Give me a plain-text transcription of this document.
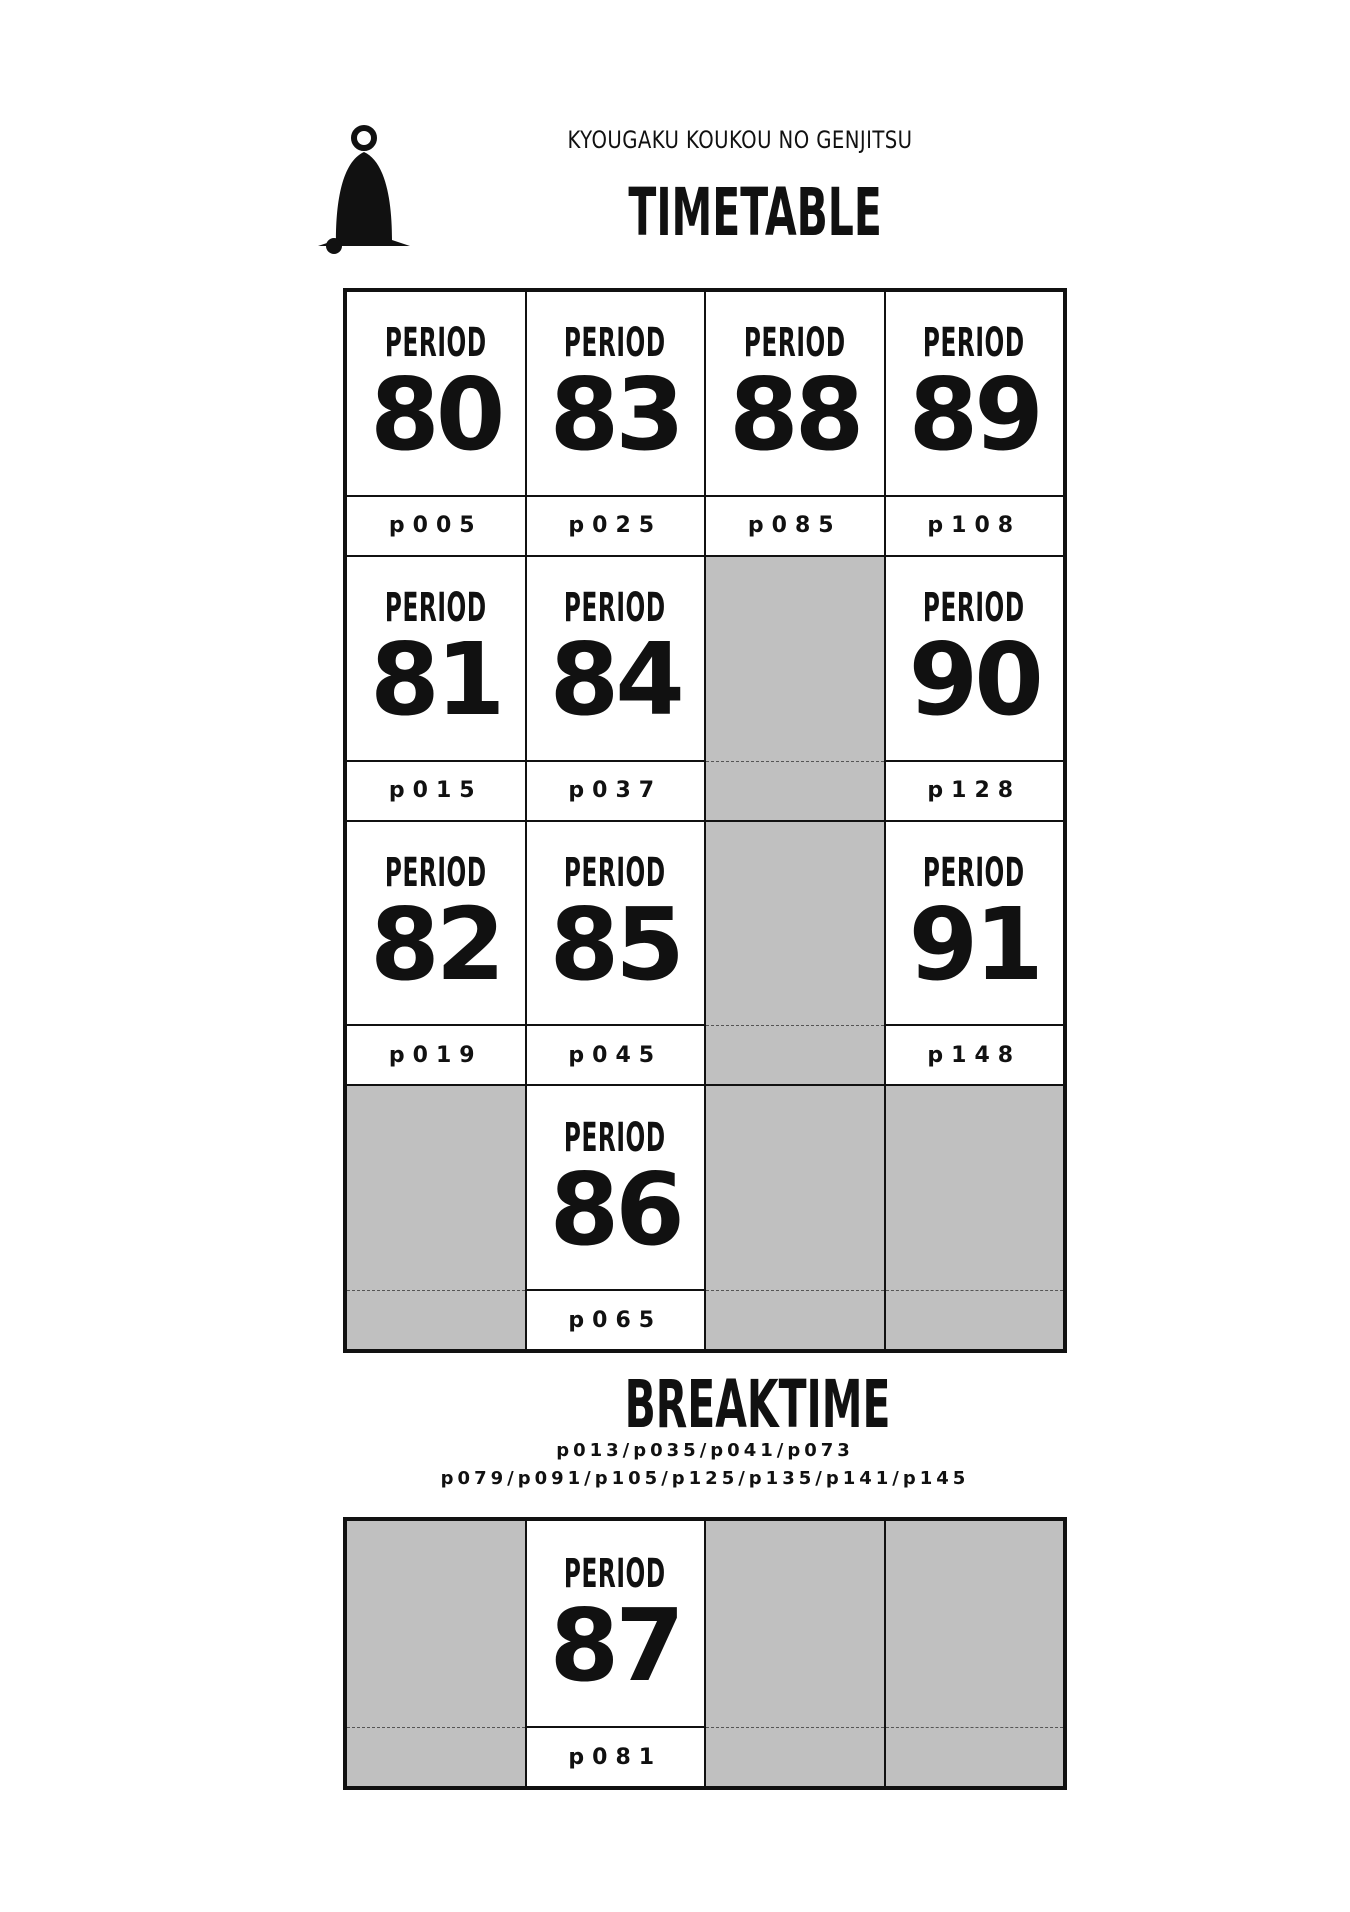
KYOUGAKU KOUKOU NO GENJITSU
TIMETABLE
PERIOD
80
p005
PERIOD
83
p025
PERIOD
88
p085
PERIOD
89
p108
PERIOD
81
p015
PERIOD
84
p037
PERIOD
90
p128
PERIOD
82
p019
PERIOD
85
p045
PERIOD
91
p148
PERIOD
86
p065
BREAKTIME
p013/p035/p041/p073
p079/p091/p105/p125/p135/p141/p145
PERIOD
87
p081
